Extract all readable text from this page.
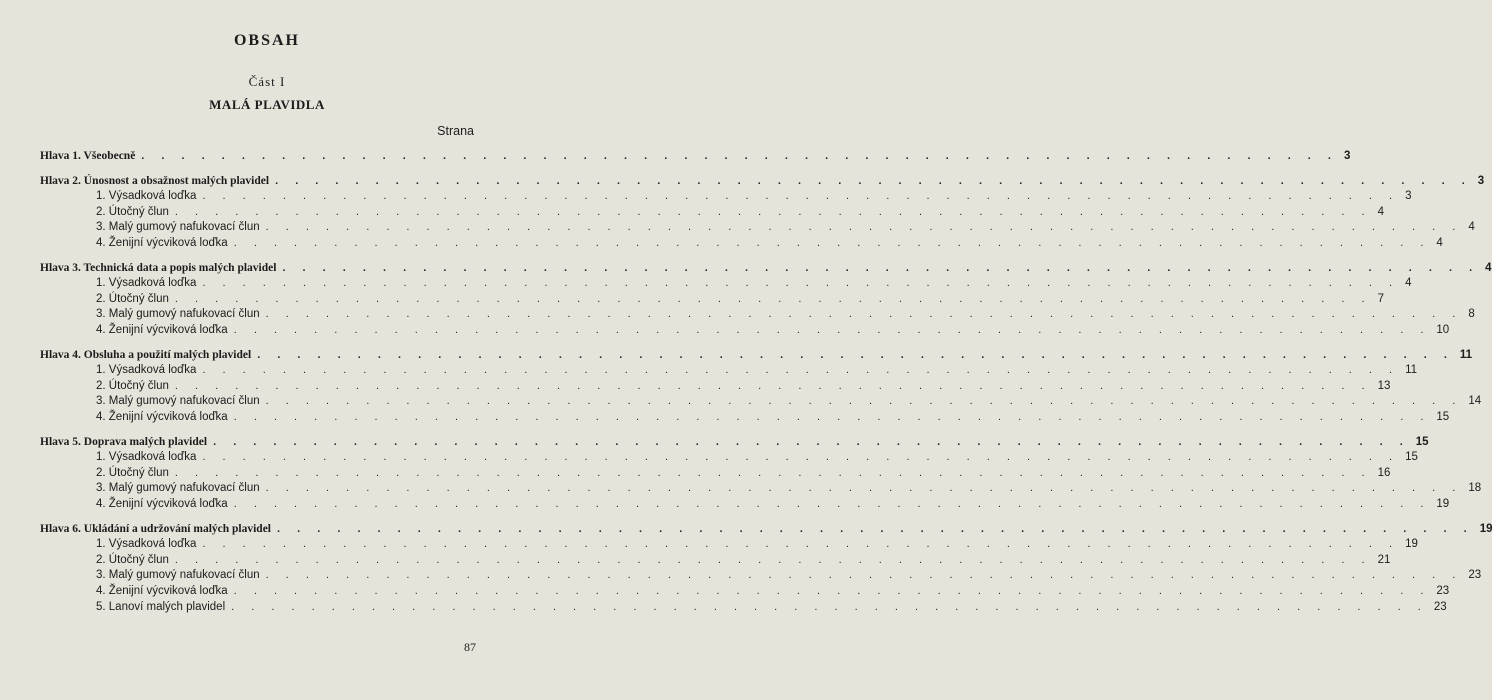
OBSAH
Část I
MALÁ PLAVIDLA
Strana
Hlava 1. Všeobecně . . . . . . . . . . . . . . . . . . . . . . . . . . . . . . . . . . . . . . . . . . . . . . . . . . . . . . . . . . . . 3
Hlava 2. Únosnost a obsažnost malých plavidel . . . . . . . . . . . . . . . . . . . . . . . . . . . . . . . . . . . . . . . . . . . . . . . . . . . . . . . . . . . . 3
1. Výsadková loďka . . . . . . . . . . . . . . . . . . . . . . . . . . . . . . . . . . . . . . . . . . . . . . . . . . . . . . . . . . . . 3
2. Útočný člun . . . . . . . . . . . . . . . . . . . . . . . . . . . . . . . . . . . . . . . . . . . . . . . . . . . . . . . . . . . . 4
3. Malý gumový nafukovací člun . . . . . . . . . . . . . . . . . . . . . . . . . . . . . . . . . . . . . . . . . . . . . . . . . . . . . . . . . . . . 4
4. Ženijní výcviková loďka . . . . . . . . . . . . . . . . . . . . . . . . . . . . . . . . . . . . . . . . . . . . . . . . . . . . . . . . . . . . 4
Hlava 3. Technická data a popis malých plavidel . . . . . . . . . . . . . . . . . . . . . . . . . . . . . . . . . . . . . . . . . . . . . . . . . . . . . . . . . . . . 4
1. Výsadková loďka . . . . . . . . . . . . . . . . . . . . . . . . . . . . . . . . . . . . . . . . . . . . . . . . . . . . . . . . . . . . 4
2. Útočný člun . . . . . . . . . . . . . . . . . . . . . . . . . . . . . . . . . . . . . . . . . . . . . . . . . . . . . . . . . . . . 7
3. Malý gumový nafukovací člun . . . . . . . . . . . . . . . . . . . . . . . . . . . . . . . . . . . . . . . . . . . . . . . . . . . . . . . . . . . . 8
4. Ženijní výcviková loďka . . . . . . . . . . . . . . . . . . . . . . . . . . . . . . . . . . . . . . . . . . . . . . . . . . . . . . . . . . . . 10
Hlava 4. Obsluha a použití malých plavidel . . . . . . . . . . . . . . . . . . . . . . . . . . . . . . . . . . . . . . . . . . . . . . . . . . . . . . . . . . . . 11
1. Výsadková loďka . . . . . . . . . . . . . . . . . . . . . . . . . . . . . . . . . . . . . . . . . . . . . . . . . . . . . . . . . . . . 11
2. Útočný člun . . . . . . . . . . . . . . . . . . . . . . . . . . . . . . . . . . . . . . . . . . . . . . . . . . . . . . . . . . . . 13
3. Malý gumový nafukovací člun . . . . . . . . . . . . . . . . . . . . . . . . . . . . . . . . . . . . . . . . . . . . . . . . . . . . . . . . . . . . 14
4. Ženijní výcviková loďka . . . . . . . . . . . . . . . . . . . . . . . . . . . . . . . . . . . . . . . . . . . . . . . . . . . . . . . . . . . . 15
Hlava 5. Doprava malých plavidel . . . . . . . . . . . . . . . . . . . . . . . . . . . . . . . . . . . . . . . . . . . . . . . . . . . . . . . . . . . . 15
1. Výsadková loďka . . . . . . . . . . . . . . . . . . . . . . . . . . . . . . . . . . . . . . . . . . . . . . . . . . . . . . . . . . . . 15
2. Útočný člun . . . . . . . . . . . . . . . . . . . . . . . . . . . . . . . . . . . . . . . . . . . . . . . . . . . . . . . . . . . . 16
3. Malý gumový nafukovací člun . . . . . . . . . . . . . . . . . . . . . . . . . . . . . . . . . . . . . . . . . . . . . . . . . . . . . . . . . . . . 18
4. Ženijní výcviková loďka . . . . . . . . . . . . . . . . . . . . . . . . . . . . . . . . . . . . . . . . . . . . . . . . . . . . . . . . . . . . 19
Hlava 6. Ukládání a udržování malých plavidel . . . . . . . . . . . . . . . . . . . . . . . . . . . . . . . . . . . . . . . . . . . . . . . . . . . . . . . . . . . . 19
1. Výsadková loďka . . . . . . . . . . . . . . . . . . . . . . . . . . . . . . . . . . . . . . . . . . . . . . . . . . . . . . . . . . . . 19
2. Útočný člun . . . . . . . . . . . . . . . . . . . . . . . . . . . . . . . . . . . . . . . . . . . . . . . . . . . . . . . . . . . . 21
3. Malý gumový nafukovací člun . . . . . . . . . . . . . . . . . . . . . . . . . . . . . . . . . . . . . . . . . . . . . . . . . . . . . . . . . . . . 23
4. Ženijní výcviková loďka . . . . . . . . . . . . . . . . . . . . . . . . . . . . . . . . . . . . . . . . . . . . . . . . . . . . . . . . . . . . 23
5. Lanoví malých plavidel . . . . . . . . . . . . . . . . . . . . . . . . . . . . . . . . . . . . . . . . . . . . . . . . . . . . . . . . . . . . 23
87
